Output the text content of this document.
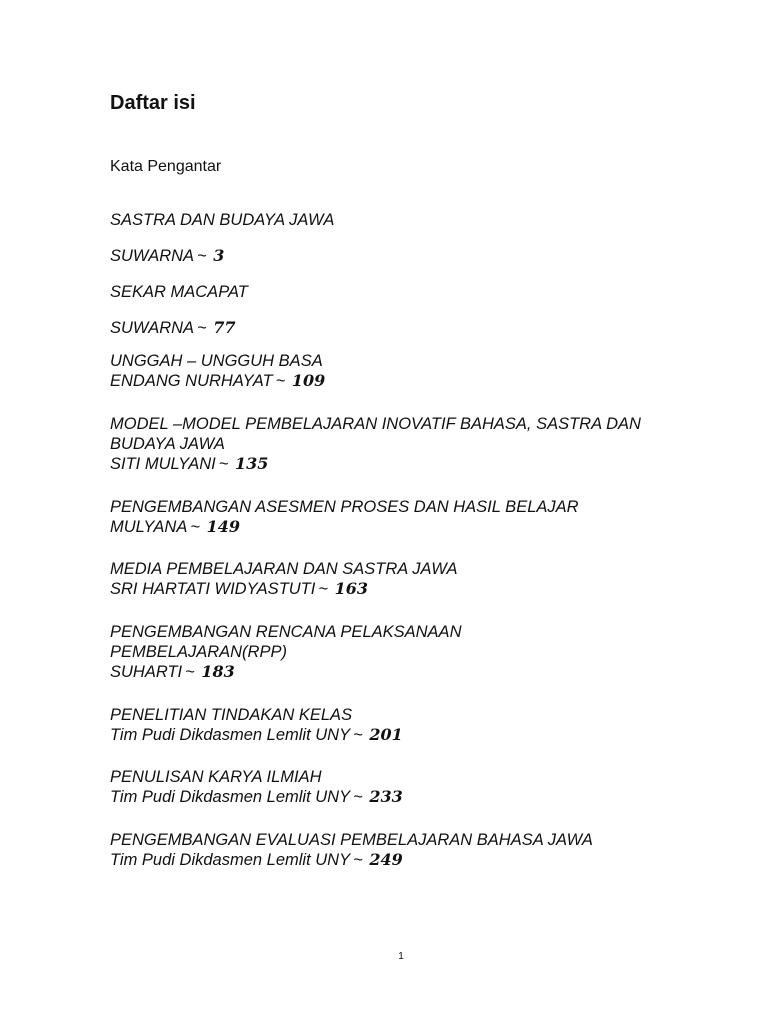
Daftar isi

Kata Pengantar

SASTRA DAN BUDAYA JAWA
SUWARNA ~ 3
SEKAR MACAPAT
SUWARNA ~ 77
UNGGAH – UNGGUH BASA
ENDANG NURHAYAT ~ 109
MODEL –MODEL PEMBELAJARAN INOVATIF BAHASA, SASTRA DAN
BUDAYA JAWA
SITI MULYANI ~ 135
PENGEMBANGAN ASESMEN PROSES DAN HASIL BELAJAR
MULYANA ~ 149
MEDIA PEMBELAJARAN DAN SASTRA JAWA
SRI HARTATI WIDYASTUTI ~ 163
PENGEMBANGAN RENCANA PELAKSANAAN
PEMBELAJARAN(RPP)
SUHARTI ~ 183
PENELITIAN TINDAKAN KELAS
Tim Pudi Dikdasmen Lemlit UNY ~ 201
PENULISAN KARYA ILMIAH
Tim Pudi Dikdasmen Lemlit UNY ~ 233
PENGEMBANGAN EVALUASI PEMBELAJARAN BAHASA JAWA
Tim Pudi Dikdasmen Lemlit UNY ~ 249
1
